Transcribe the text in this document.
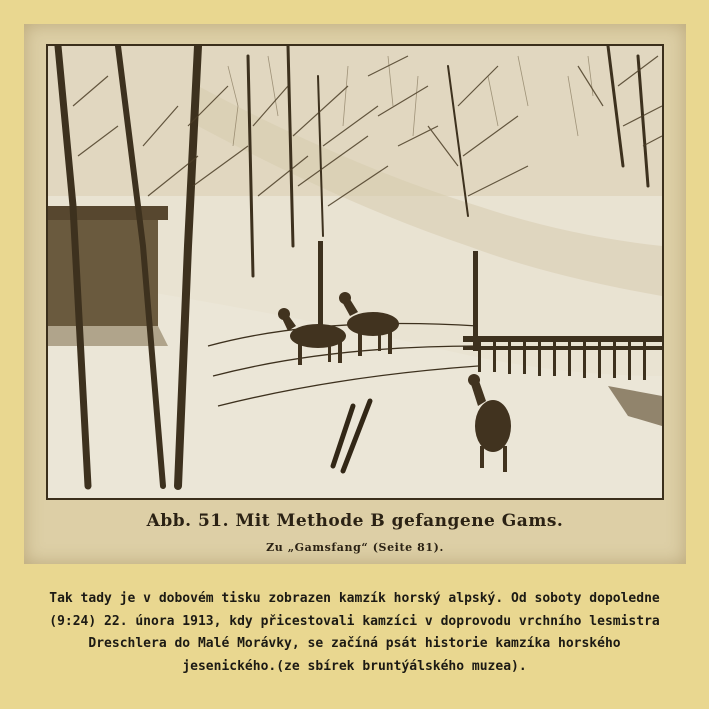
Abb. 51. Mit Methode B gefangene Gams.
Zu „Gamsfang“ (Seite 81).
Tak tady je v dobovém tisku zobrazen kamzík horský alpský. Od soboty dopoledne (9:24) 22. února 1913, kdy přicestovali kamzíci v doprovodu vrchního lesmistra Dreschlera do Malé Morávky, se začíná psát historie kamzíka horského jesenického.(ze sbírek bruntýálského muzea).
